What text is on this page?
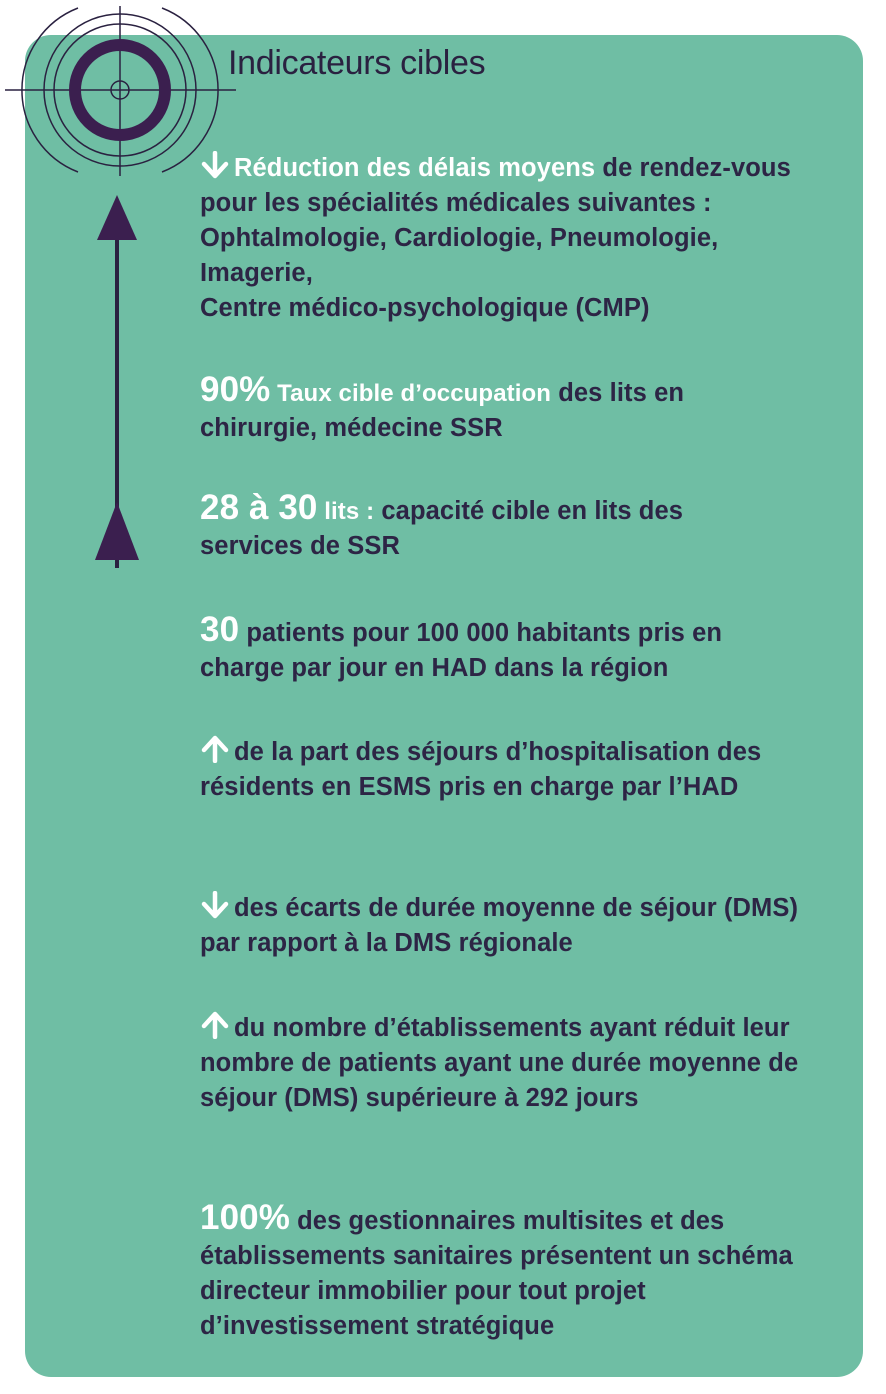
Indicateurs cibles
Réduction des délais moyens de rendez-vous pour les spécialités médicales suivantes : Ophtalmologie, Cardiologie, Pneumologie, Imagerie,
Centre médico-psychologique (CMP)
90% Taux cible d’occupation des lits en chirurgie, médecine SSR
28 à 30 lits : capacité cible en lits des services de SSR
30 patients pour 100 000 habitants pris en charge par jour en HAD dans la région
de la part des séjours d’hospitalisation des résidents en ESMS pris en charge par l’HAD
des écarts de durée moyenne de séjour (DMS) par rapport à la DMS régionale
du nombre d’établissements ayant réduit leur nombre de patients ayant une durée moyenne de séjour (DMS) supérieure à 292 jours
100% des gestionnaires multisites et des établissements sanitaires présentent un schéma directeur immobilier pour tout projet d’investissement stratégique
